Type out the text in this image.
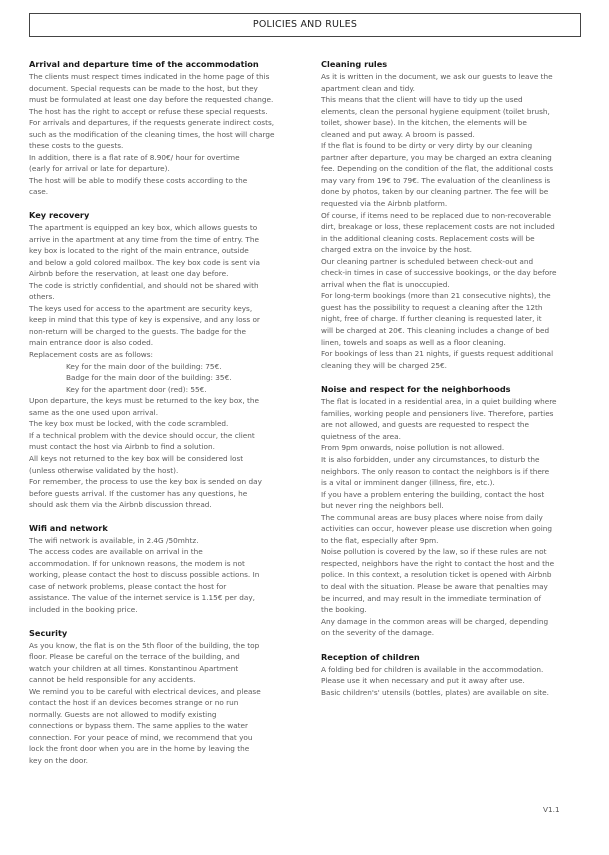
POLICIES AND RULES
Arrival and departure time of the accommodation

The clients must respect times indicated in the home page of this

document. Special requests can be made to the host, but they

must be formulated at least one day before the requested change.

The host has the right to accept or refuse these special requests.

For arrivals and departures, if the requests generate indirect costs,

such as the modification of the cleaning times, the host will charge

these costs to the guests.

In addition, there is a flat rate of 8.90€/ hour for overtime

(early for arrival or late for departure).

The host will be able to modify these costs according to the

case.

Key recovery

The apartment is equipped an key box, which allows guests to

arrive in the apartment at any time from the time of entry. The

key box is located to the right of the main entrance, outside

and below a gold colored mailbox. The key box code is sent via

Airbnb before the reservation, at least one day before.

The code is strictly confidential, and should not be shared with

others.

The keys used for access to the apartment are security keys,

keep in mind that this type of key is expensive, and any loss or

non-return will be charged to the guests. The badge for the

main entrance door is also coded.

Replacement costs are as follows:

Key for the main door of the building: 75€.

Badge for the main door of the building: 35€.

Key for the apartment door (red): 55€.

Upon departure, the keys must be returned to the key box, the

same as the one used upon arrival.

The key box must be locked, with the code scrambled.

If a technical problem with the device should occur, the client

must contact the host via Airbnb to find a solution.

All keys not returned to the key box will be considered lost

(unless otherwise validated by the host).

For remember, the process to use the key box is sended on day

before guests arrival. If the customer has any questions, he

should ask them via the Airbnb discussion thread.

Wifi and network

The wifi network is available, in 2.4G /50mhtz.

The access codes are available on arrival in the

accommodation. If for unknown reasons, the modem is not

working, please contact the host to discuss possible actions. In

case of network problems, please contact the host for

assistance. The value of the internet service is 1.15€ per day,

included in the booking price.

Security

As you know, the flat is on the 5th floor of the building, the top

floor. Please be careful on the terrace of the building, and

watch your children at all times. Konstantinou Apartment

cannot be held responsible for any accidents.

We remind you to be careful with electrical devices, and please

contact the host if an devices becomes strange or no run

normally. Guests are not allowed to modify existing

connections or bypass them. The same applies to the water

connection. For your peace of mind, we recommend that you

lock the front door when you are in the home by leaving the

key on the door.

Cleaning rules

As it is written in the document, we ask our guests to leave the

apartment clean and tidy.

This means that the client will have to tidy up the used

elements, clean the personal hygiene equipment (toilet brush,

toilet, shower base). In the kitchen, the elements will be

cleaned and put away. A broom is passed.

If the flat is found to be dirty or very dirty by our cleaning

partner after departure, you may be charged an extra cleaning

fee. Depending on the condition of the flat, the additional costs

may vary from 19€ to 79€. The evaluation of the cleanliness is

done by photos, taken by our cleaning partner. The fee will be

requested via the Airbnb platform.

Of course, if items need to be replaced due to non-recoverable

dirt, breakage or loss, these replacement costs are not included

in the additional cleaning costs. Replacement costs will be

charged extra on the invoice by the host.

Our cleaning partner is scheduled between check-out and

check-in times in case of successive bookings, or the day before

arrival when the flat is unoccupied.

For long-term bookings (more than 21 consecutive nights), the

guest has the possibility to request a cleaning after the 12th

night, free of charge. If further cleaning is requested later, it

will be charged at 20€. This cleaning includes a change of bed

linen, towels and soaps as well as a floor cleaning.

For bookings of less than 21 nights, if guests request additional

cleaning they will be charged 25€.

Noise and respect for the neighborhoods

The flat is located in a residential area, in a quiet building where

families, working people and pensioners live. Therefore, parties

are not allowed, and guests are requested to respect the

quietness of the area.

From 9pm onwards, noise pollution is not allowed.

It is also forbidden, under any circumstances, to disturb the

neighbors. The only reason to contact the neighbors is if there

is a vital or imminent danger (illness, fire, etc.).

If you have a problem entering the building, contact the host

but never ring the neighbors bell.

The communal areas are busy places where noise from daily

activities can occur, however please use discretion when going

to the flat, especially after 9pm.

Noise pollution is covered by the law, so if these rules are not

respected, neighbors have the right to contact the host and the

police. In this context, a resolution ticket is opened with Airbnb

to deal with the situation. Please be aware that penalties may

be incurred, and may result in the immediate termination of

the booking.

Any damage in the common areas will be charged, depending

on the severity of the damage.

Reception of children

A folding bed for children is available in the accommodation.

Please use it when necessary and put it away after use.

Basic children's' utensils (bottles, plates) are available on site.

V1.1
